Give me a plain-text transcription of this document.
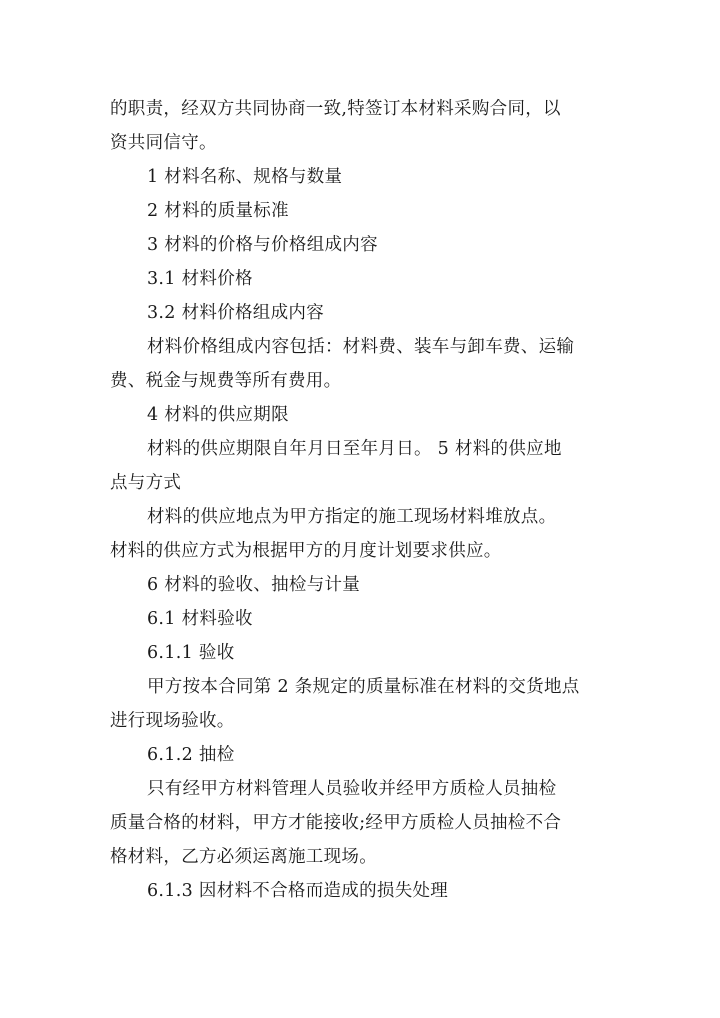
的职责，经双方共同协商一致,特签订本材料采购合同，以
资共同信守。
1 材料名称、规格与数量
2 材料的质量标准
3 材料的价格与价格组成内容
3.1 材料价格
3.2 材料价格组成内容
材料价格组成内容包括：材料费、装车与卸车费、运输
费、税金与规费等所有费用。
4 材料的供应期限
材料的供应期限自年月日至年月日。 5 材料的供应地
点与方式
材料的供应地点为甲方指定的施工现场材料堆放点。
材料的供应方式为根据甲方的月度计划要求供应。
6 材料的验收、抽检与计量
6.1 材料验收
6.1.1 验收
甲方按本合同第 2 条规定的质量标准在材料的交货地点
进行现场验收。
6.1.2 抽检
只有经甲方材料管理人员验收并经甲方质检人员抽检
质量合格的材料，甲方才能接收;经甲方质检人员抽检不合
格材料，乙方必须运离施工现场。
6.1.3 因材料不合格而造成的损失处理
